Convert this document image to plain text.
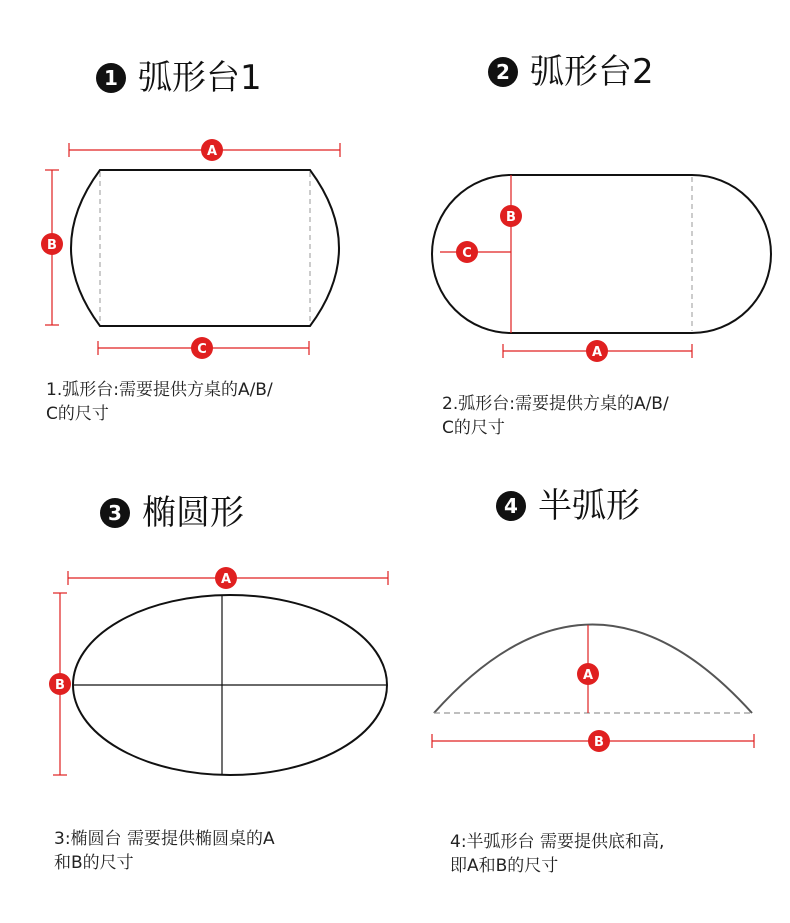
1 弧形台1	2 弧形台2
3 椭圆形	4 半弧形
A
B
C
B
C
A
A
B
A
B
1.弧形台:需要提供方桌的A/B/
C的尺寸	2.弧形台:需要提供方桌的A/B/
C的尺寸
3:椭圆台 需要提供椭圆桌的A
和B的尺寸
4:半弧形台 需要提供底和高,
即A和B的尺寸
